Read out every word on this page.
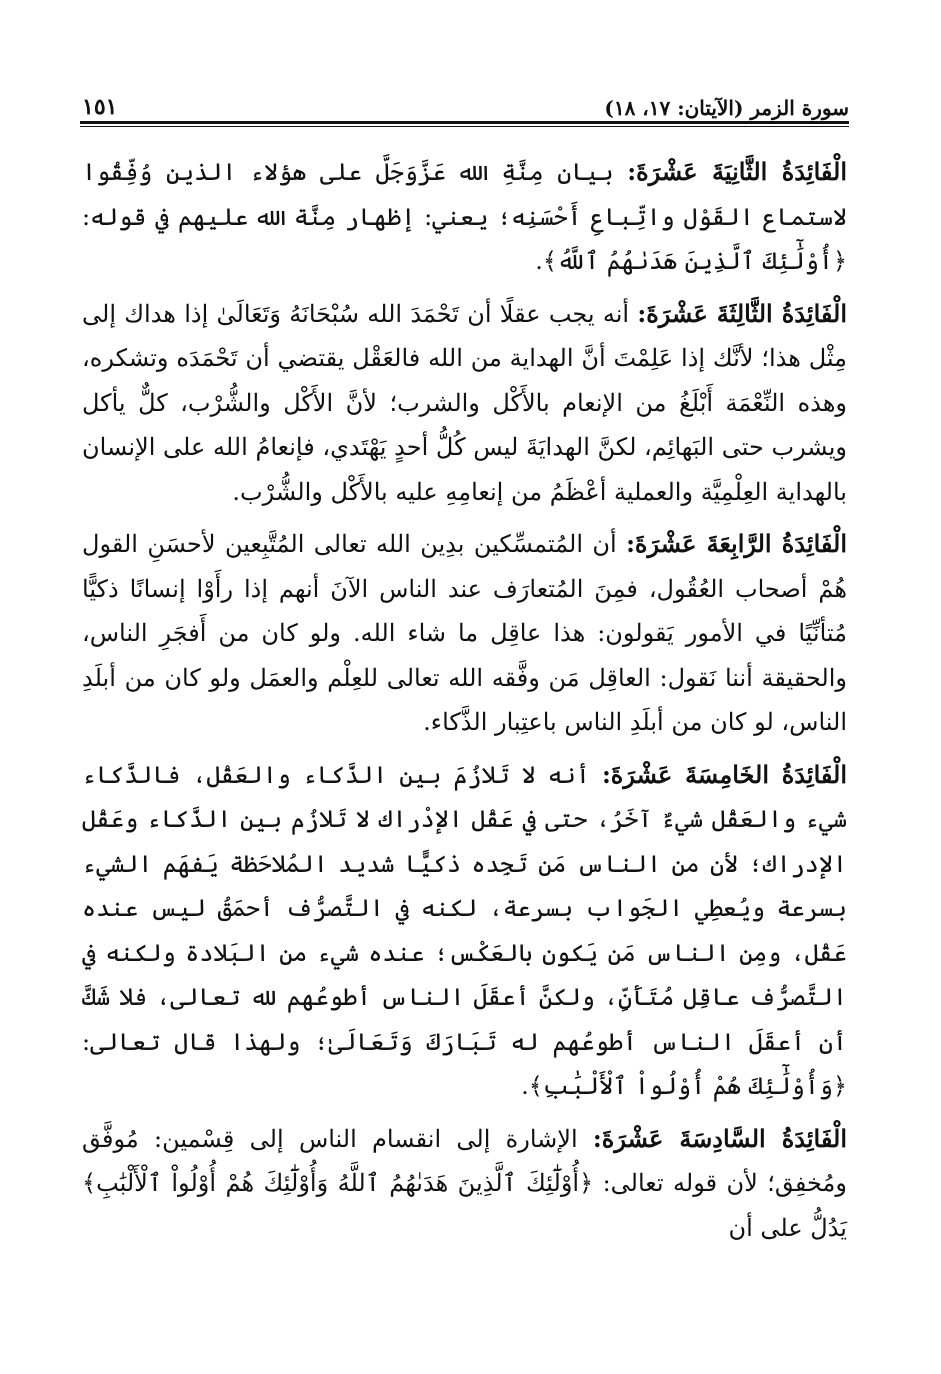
١٥١	سورة الزمر (الآيتان: ١٧، ١٨)

الْفَائِدَةُ الثَّانِيَةَ عَشْرَةَ: بيان مِنَّةِ الله عَزَّوَجَلَّ على هؤلاء الذين وُفِّقُوا لاستماع القَوْل واتِّباعِ أَحْسَنِه؛ يعني: إظهار مِنَّة الله عليهم في قوله: ﴿أُوْلَٰٓئِكَ ٱلَّذِينَ هَدَىٰهُمُ ٱللَّهُ﴾.

الْفَائِدَةُ الثَّالِثَةَ عَشْرَةَ: أنه يجب عقلًا أن تَحْمَدَ الله سُبْحَانَهُ وَتَعَالَىٰ إذا هداك إلى مِثْل هذا؛ لأنَّك إذا عَلِمْتَ أنَّ الهداية من الله فالعَقْل يقتضي أن تَحْمَدَه وتشكره، وهذه النِّعْمَة أَبْلَغُ من الإنعام بالأَكْل والشرب؛ لأنَّ الأَكْل والشُّرْب، كلٌّ يأكل ويشرب حتى البَهائِم، لكنَّ الهدايَةَ ليس كُلُّ أحدٍ يَهْتَدي، فإنعامُ الله على الإنسان بالهداية العِلْمِيَّة والعملية أعْظَمُ من إنعامِهِ عليه بالأَكْل والشُّرْب.

الْفَائِدَةُ الرَّابِعَةَ عَشْرَةَ: أن المُتمسِّكين بدِين الله تعالى المُتَّبِعين لأحسَنِ القول هُمْ أصحاب العُقُول، فمِنَ المُتعارَف عند الناس الآنَ أنهم إذا رأَوْا إنسانًا ذكيًّا مُتأنِّيًا في الأمور يَقولون: هذا عاقِل ما شاء الله. ولو كان من أَفجَرِ الناس، والحقيقة أننا نَقول: العاقِل مَن وفَّقه الله تعالى للعِلْم والعمَل ولو كان من أبلَدِ الناس، لو كان من أبلَدِ الناس باعتِبار الذَّكاء.

الْفَائِدَةُ الخَامِسَةَ عَشْرَةَ: أنه لا تَلازُمَ بين الذَّكاء والعَقْل، فالذَّكاء شيء والعَقْل شيءٌ آخَرُ، حتى في عَقْل الإدْراك لا تَلازُم بين الذَّكاء وعَقْل الإدراك؛ لأن من الناس مَن تَجِده ذكيًّا شديد المُلاحَظة يَفهَم الشيء بسرعة ويُعطِي الجَواب بسرعة، لكنه في التَّصرُّف أحمَقُ ليس عنده عَقْل، ومِن الناس مَن يَكون بالعَكْس؛ عنده شيء من البَلادة ولكنه في التَّصرُّف عاقِل مُتَأَنٍّ، ولكنَّ أعقَلَ الناس أطوعُهم لله تعالى، فلا شَكَّ أن أعقَلَ الناس أطوعُهم له تَبَارَكَ وَتَعَالَىٰ؛ ولهذا قال تعالى: ﴿وَأُوْلَٰٓئِكَ هُمْ أُوْلُواْ ٱلْأَلْبَٰبِ﴾.

الْفَائِدَةُ السَّادِسَةَ عَشْرَةَ: الإشارة إلى انقسام الناس إلى قِسْمين: مُوفَّق ومُخفِق؛ لأن قوله تعالى: ﴿أُوْلَٰٓئِكَ ٱلَّذِينَ هَدَىٰهُمُ ٱللَّهُ وَأُوْلَٰٓئِكَ هُمْ أُوْلُواْ ٱلْأَلْبَٰبِ﴾ يَدُلُّ على أن
